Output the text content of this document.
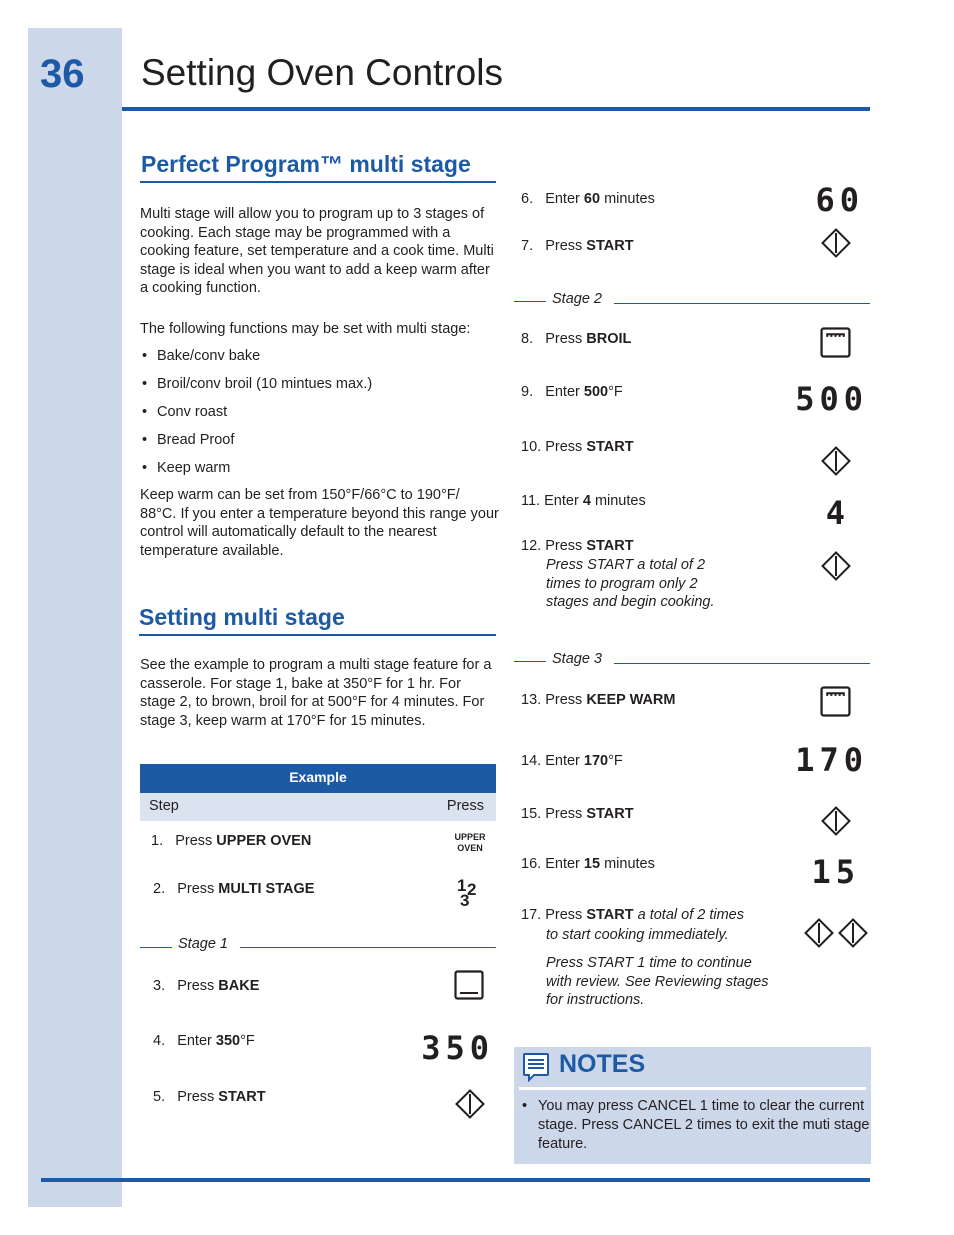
36 Setting Oven Controls
Perfect Program™ multi stage
Multi stage will allow you to program up to 3 stages of cooking. Each stage may be programmed with a cooking feature, set temperature and a cook time. Multi stage is ideal when you want to add a keep warm after a cooking function.
The following functions may be set with multi stage:
• Bake/conv bake
• Broil/conv broil (10 mintues max.)
• Conv roast
• Bread Proof
• Keep warm
Keep warm can be set from 150°F/66°C to 190°F/ 88°C. If you enter a temperature beyond this range your control will automatically default to the nearest temperature available.
Setting multi stage
See the example to program a multi stage feature for a casserole. For stage 1, bake at 350°F for 1 hr. For stage 2, to brown, broil for at 500°F for 4 minutes. For stage 3, keep warm at 170°F for 15 minutes.
Example
Step	Press
1. Press UPPER OVEN	UPPER
OVEN
2. Press MULTI STAGE	1 2
3
Stage 1
3. Press BAKE
4. Enter 350°F	350
5. Press START
6. Enter 60 minutes	60
7. Press START
Stage 2
8. Press BROIL
9. Enter 500°F	500
10. Press START
11. Enter 4 minutes	4
12. Press START
Press START a total of 2 times to program only 2 stages and begin cooking.
Stage 3
13. Press KEEP WARM
14. Enter 170°F	170
15. Press START
16. Enter 15 minutes	15
17. Press START a total of 2 times
to start cooking immediately.
Press START 1 time to continue with review. See Reviewing stages for instructions.
NOTES
• You may press CANCEL 1 time to clear the current stage. Press CANCEL 2 times to exit the muti stage feature.
